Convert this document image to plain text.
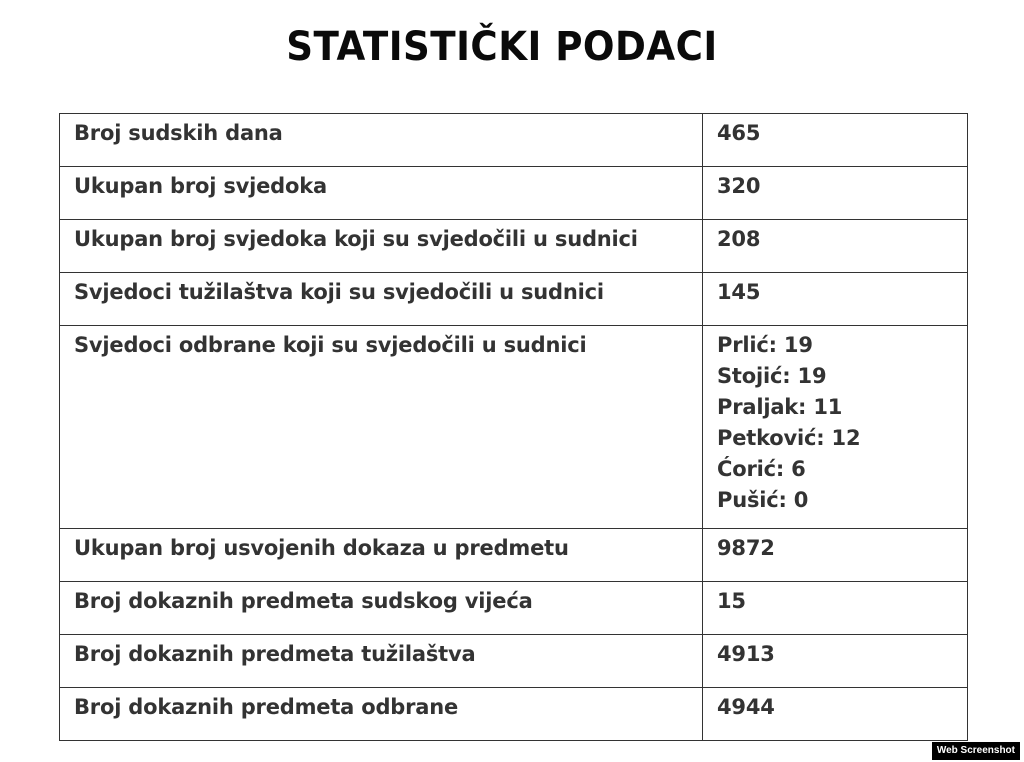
STATISTIČKI PODACI
Broj sudskih dana	465
Ukupan broj svjedoka	320
Ukupan broj svjedoka koji su svjedočili u sudnici	208
Svjedoci tužilaštva koji su svjedočili u sudnici	145
Svjedoci odbrane koji su svjedočili u sudnici	Prlić: 19
Stojić: 19
Praljak: 11
Petković: 12
Ćorić: 6
Pušić: 0

Ukupan broj usvojenih dokaza u predmetu	9872
Broj dokaznih predmeta sudskog vijeća	15
Broj dokaznih predmeta tužilaštva	4913
Broj dokaznih predmeta odbrane	4944
Web Screenshot
